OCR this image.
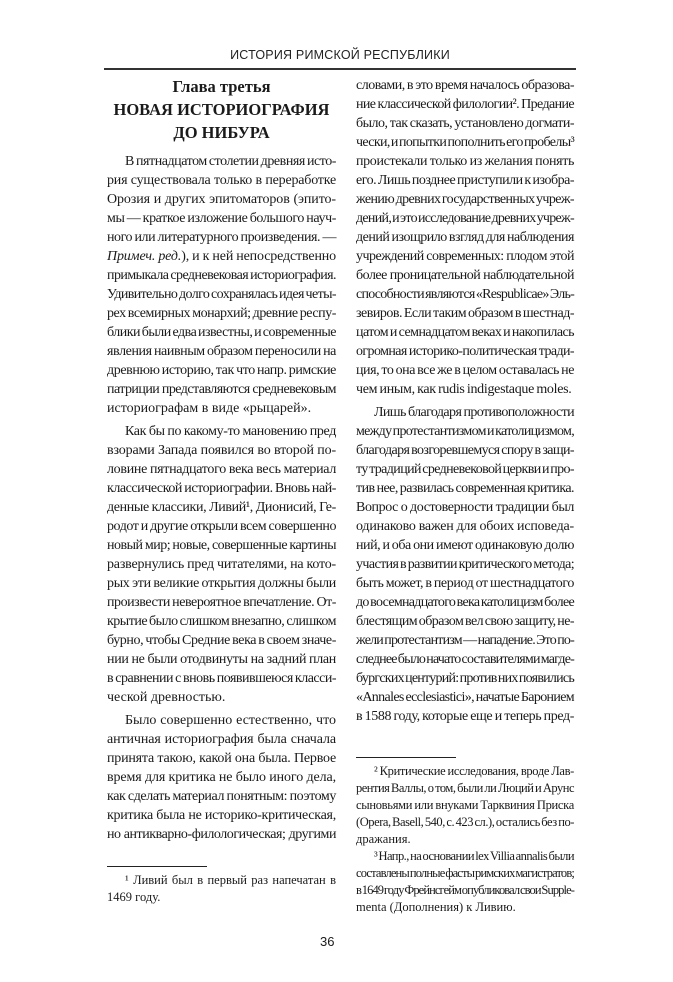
ИСТОРИЯ РИМСКОЙ РЕСПУБЛИКИ
Глава третья
НОВАЯ ИСТОРИОГРАФИЯ
ДО НИБУРА
В пятнадцатом столетии древняя исто-
рия существовала только в переработке
Орозия и других эпитоматоров (эпито-
мы — краткое изложение большого науч-
ного или литературного произведения. —
Примеч. ред.), и к ней непосредственно
примыкала средневековая историография.
Удивительно долго сохранялась идея четы-
рех всемирных монархий; древние респу-
блики были едва известны, и современные
явления наивным образом переносили на
древнюю историю, так что напр. римские
патриции представляются средневековым
историографам в виде «рыцарей».
Как бы по какому-то мановению пред
взорами Запада появился во второй по-
ловине пятнадцатого века весь материал
классической историографии. Вновь най-
денные классики, Ливий¹, Дионисий, Ге-
родот и другие открыли всем совершенно
новый мир; новые, совершенные картины
развернулись пред читателями, на кото-
рых эти великие открытия должны были
произвести невероятное впечатление. От-
крытие было слишком внезапно, слишком
бурно, чтобы Средние века в своем значе-
нии не были отодвинуты на задний план
в сравнении с вновь появившеюся класси-
ческой древностью.
Было совершенно естественно, что
античная историография была сначала
принята такою, какой она была. Первое
время для критика не было иного дела,
как сделать материал понятным: поэтому
критика была не историко-критическая,
но антикварно-филологическая; другими
словами, в это время началось образова-
ние классической филологии². Предание
было, так сказать, установлено догмати-
чески, и попытки пополнить его пробелы³
проистекали только из желания понять
его. Лишь позднее приступили к изобра-
жению древних государственных учреж-
дений, и это исследование древних учреж-
дений изощрило взгляд для наблюдения
учреждений современных: плодом этой
более проницательной наблюдательной
способности являются «Respublicae» Эль-
зевиров. Если таким образом в шестнад-
цатом и семнадцатом веках и накопилась
огромная историко-политическая тради-
ция, то она все же в целом оставалась не
чем иным, как rudis indigestaque moles.
Лишь благодаря противоположности
между протестантизмом и католицизмом,
благодаря возгоревшемуся спору в защи-
ту традиций средневековой церкви и про-
тив нее, развилась современная критика.
Вопрос о достоверности традиции был
одинаково важен для обоих исповеда-
ний, и оба они имеют одинаковую долю
участия в развитии критического метода;
быть может, в период от шестнадцатого
до восемнадцатого века католицизм более
блестящим образом вел свою защиту, не-
жели протестантизм — нападение. Это по-
следнее было начато составителями магде-
бургских центурий: против них появились
«Annales ecclesiastici», начатые Баронием
в 1588 году, которые еще и теперь пред-
¹ Ливий был в первый раз напечатан в
1469 году.
² Критические исследования, вроде Лав-
рентия Валлы, о том, были ли Люций и Арунс
сыновьями или внуками Тарквиния Приска
(Opera, Basell, 540, с. 423 сл.), остались без по-
дражания.
³ Напр., на основании lex Villia annalis были
составлены полные фасты римских магистратов;
в 1649 году Фрейнсгейм опубликовал свои Supple-
menta (Дополнения) к Ливию.
36
